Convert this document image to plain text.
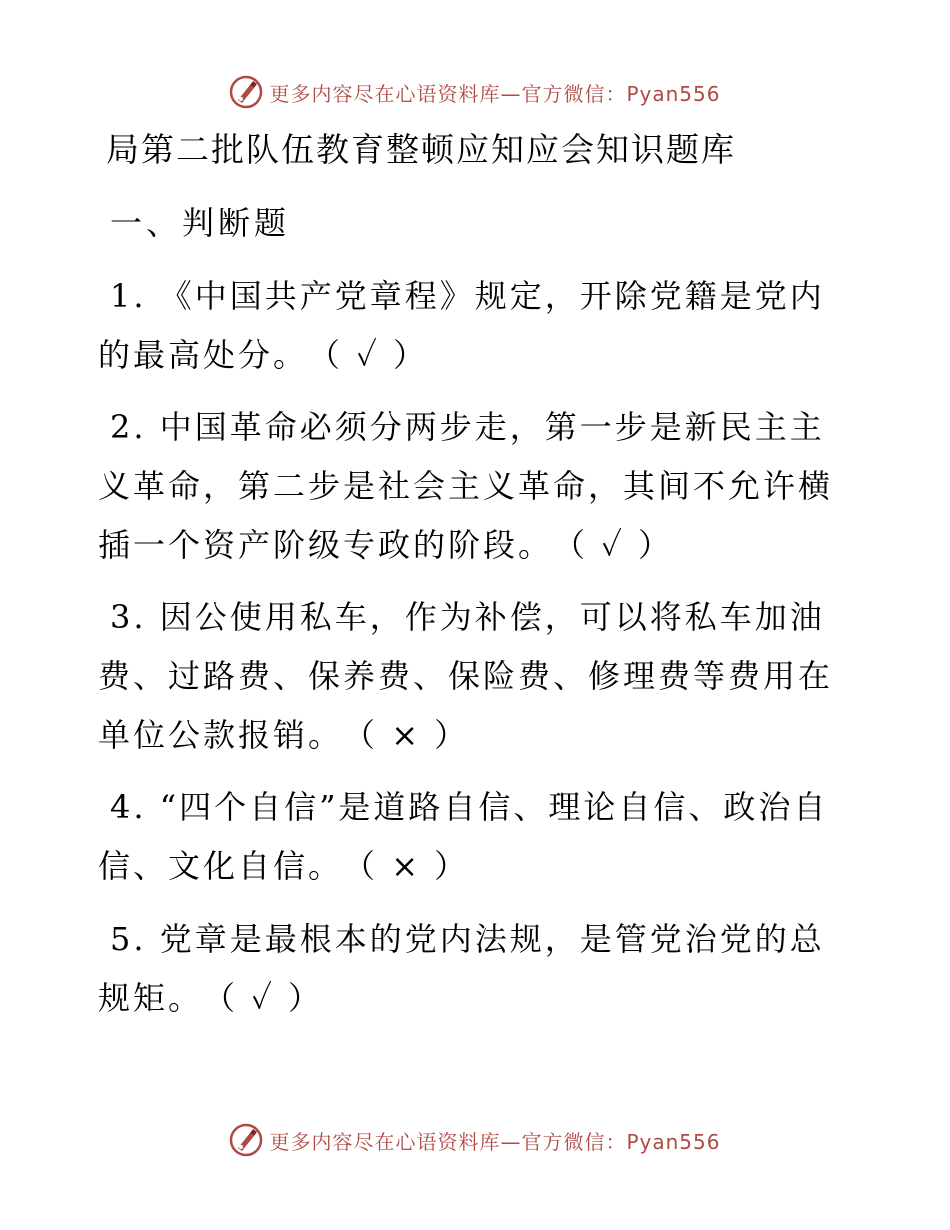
更多内容尽在心语资料库—官方微信：Pyan556
局第二批队伍教育整顿应知应会知识题库
一、判断题

1. 《中国共产党章程》规定，开除党籍是党内的最高处分。（ ✓ ）

2. 中国革命必须分两步走，第一步是新民主主义革命，第二步是社会主义革命，其间不允许横插一个资产阶级专政的阶段。（ ✓ ）

3. 因公使用私车，作为补偿，可以将私车加油费、过路费、保养费、保险费、修理费等费用在单位公款报销。（ × ）

4. “四个自信”是道路自信、理论自信、政治自信、文化自信。（ × ）

5. 党章是最根本的党内法规，是管党治党的总规矩。（ ✓ ）

更多内容尽在心语资料库—官方微信：Pyan556
